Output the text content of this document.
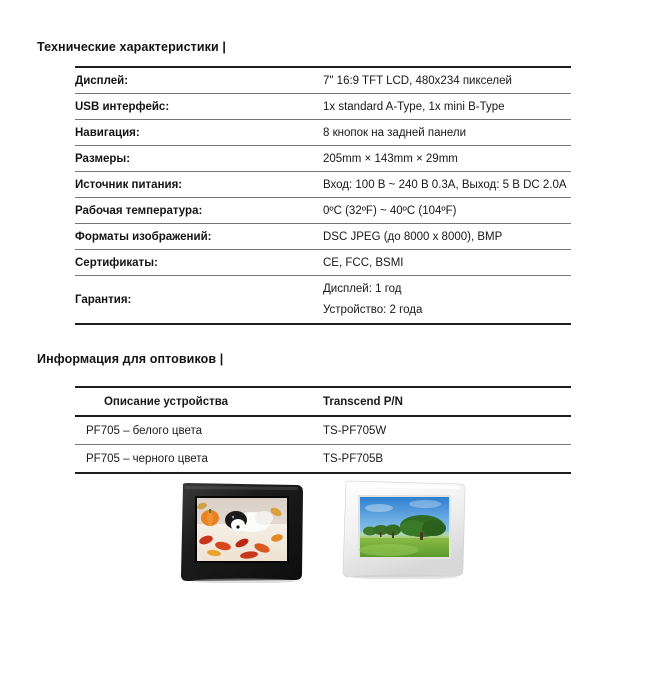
Технические характеристики |

Дисплей:	7" 16:9 TFT LCD, 480x234 пикселей

USB интерфейс:	1x standard A-Type, 1x mini B-Type

Навигация:	8 кнопок на задней панели

Размеры:	205mm × 143mm × 29mm

Источник питания:	Вход: 100 В ~ 240 В 0.3A, Выход: 5 В DC 2.0A

Рабочая температура:	0ºC (32ºF) ~ 40ºC (104ºF)

Форматы изображений:	DSC JPEG (до 8000 x 8000), BMP

Сертификаты:	CE, FCC, BSMI

Гарантия:	Дисплей: 1 год
Устройство: 2 года

Информация для оптовиков |

Описание устройства	Transcend P/N

PF705 – белого цвета	TS-PF705W

PF705 – черного цвета	TS-PF705B
